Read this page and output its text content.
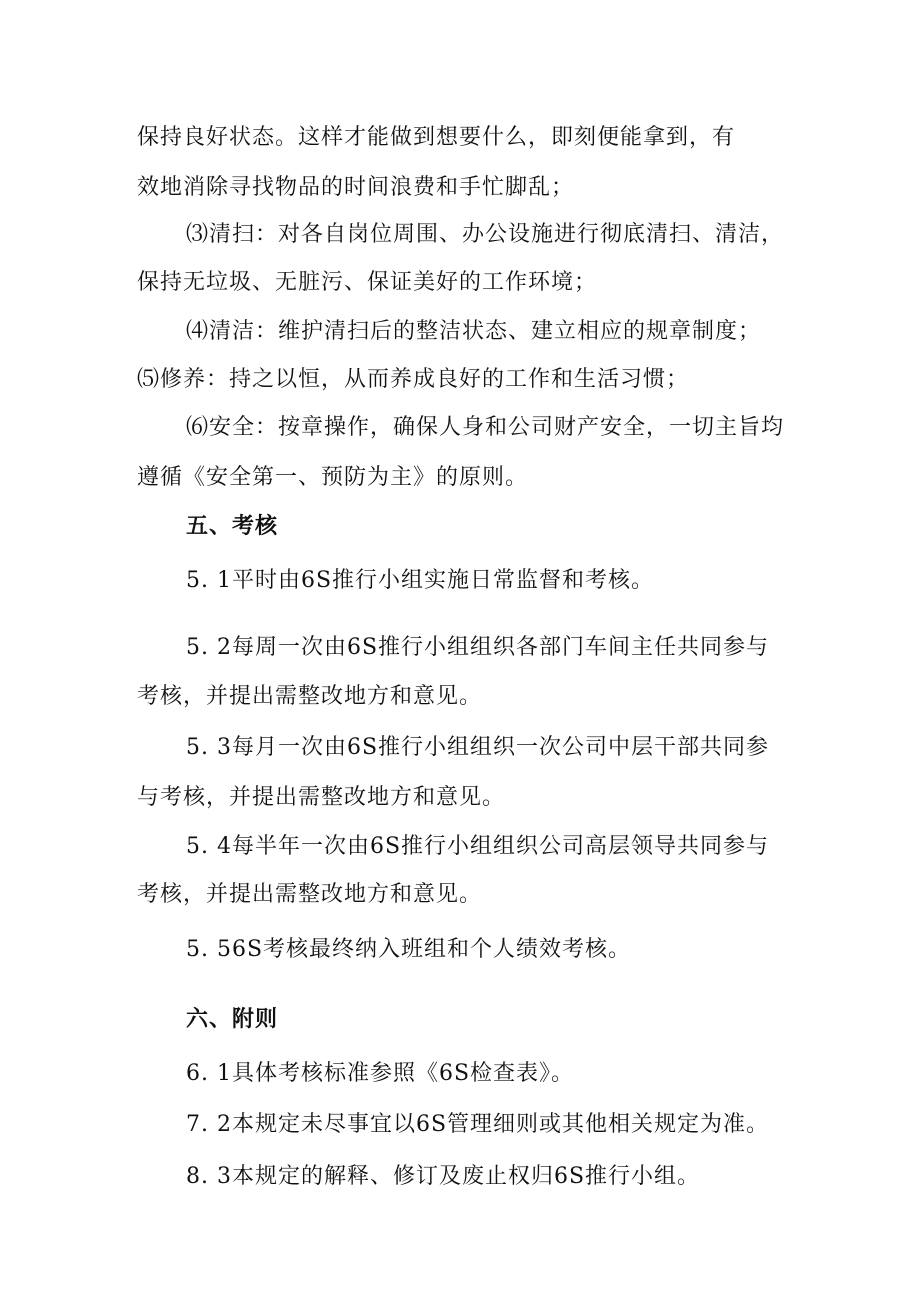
保持良好状态。这样才能做到想要什么，即刻便能拿到，有

效地消除寻找物品的时间浪费和手忙脚乱；

⑶清扫：对各自岗位周围、办公设施进行彻底清扫、清洁，

保持无垃圾、无脏污、保证美好的工作环境；

⑷清洁：维护清扫后的整洁状态、建立相应的规章制度；

⑸修养：持之以恒，从而养成良好的工作和生活习惯；

⑹安全：按章操作，确保人身和公司财产安全，一切主旨均

遵循《安全第一、预防为主》的原则。

五、考核

5. 1平时由6S推行小组实施日常监督和考核。

5. 2每周一次由6S推行小组组织各部门车间主任共同参与

考核，并提出需整改地方和意见。

5. 3每月一次由6S推行小组组织一次公司中层干部共同参

与考核，并提出需整改地方和意见。

5. 4每半年一次由6S推行小组组织公司高层领导共同参与

考核，并提出需整改地方和意见。

5. 56S考核最终纳入班组和个人绩效考核。

六、附则

6. 1具体考核标准参照《6S检查表》。

7. 2本规定未尽事宜以6S管理细则或其他相关规定为准。

8. 3本规定的解释、修订及废止权归6S推行小组。
